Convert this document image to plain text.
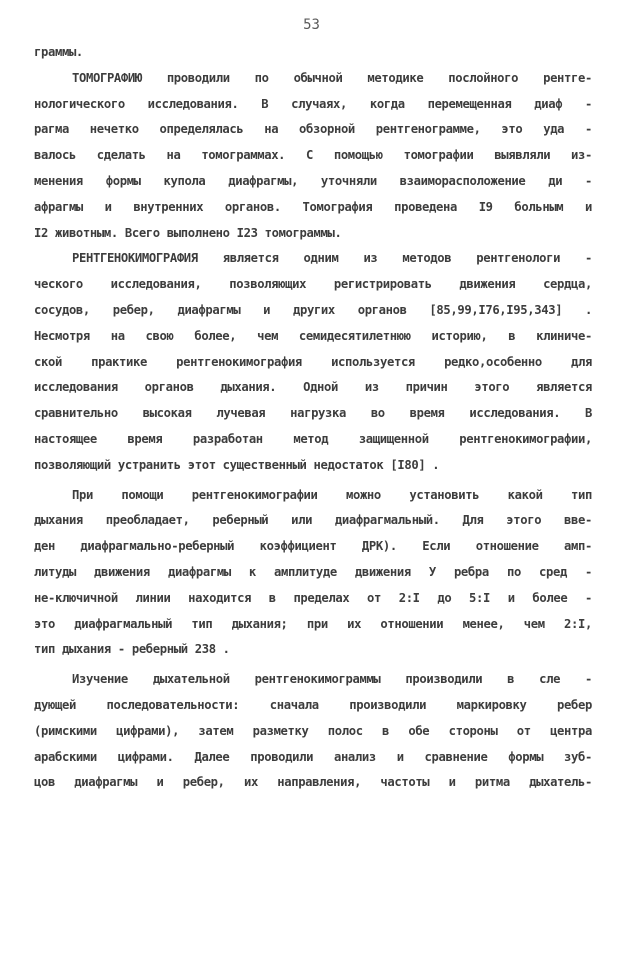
53
граммы.
ТОМОГРАФИЮ проводили по обычной методике послойного рентге-
нологического исследования. В случаях, когда перемещенная диаф -
рагма нечетко определялась на обзорной рентгенограмме, это уда -
валось сделать на томограммах. С помощью томографии выявляли из-
менения формы купола диафрагмы, уточняли взаиморасположение ди -
афрагмы и внутренних органов. Томография проведена I9 больным и
I2 животным. Всего выполнено I23 томограммы.
РЕНТГЕНОКИМОГРАФИЯ является одним из методов рентгенологи -
ческого исследования, позволяющих регистрировать движения сердца,
сосудов, ребер, диафрагмы и других органов [85,99,I76,I95,343] .
Несмотря на свою более, чем семидесятилетнюю историю, в клиниче-
ской практике рентгенокимография используется редко,особенно для
исследования органов дыхания. Одной из причин этого является
сравнительно высокая лучевая нагрузка во время исследования. В
настоящее время разработан метод защищенной рентгенокимографии,
позволяющий устранить этот существенный недостаток [I80] .
При помощи рентгенокимографии можно установить какой тип
дыхания преобладает, реберный или диафрагмальный. Для этого вве-
ден диафрагмально-реберный коэффициент ДРК). Если отношение амп-
литуды движения диафрагмы к амплитуде движения У ребра по сред -
не-ключичной линии находится в пределах от 2:I до 5:I и более -
это диафрагмальный тип дыхания; при их отношении менее, чем 2:I,
тип дыхания - реберный 238 .
Изучение дыхательной рентгенокимограммы производили в сле -
дующей последовательности: сначала производили маркировку ребер
(римскими цифрами), затем разметку полос в обе стороны от центра
арабскими цифрами. Далее проводили анализ и сравнение формы зуб-
цов диафрагмы и ребер, их направления, частоты и ритма дыхатель-
